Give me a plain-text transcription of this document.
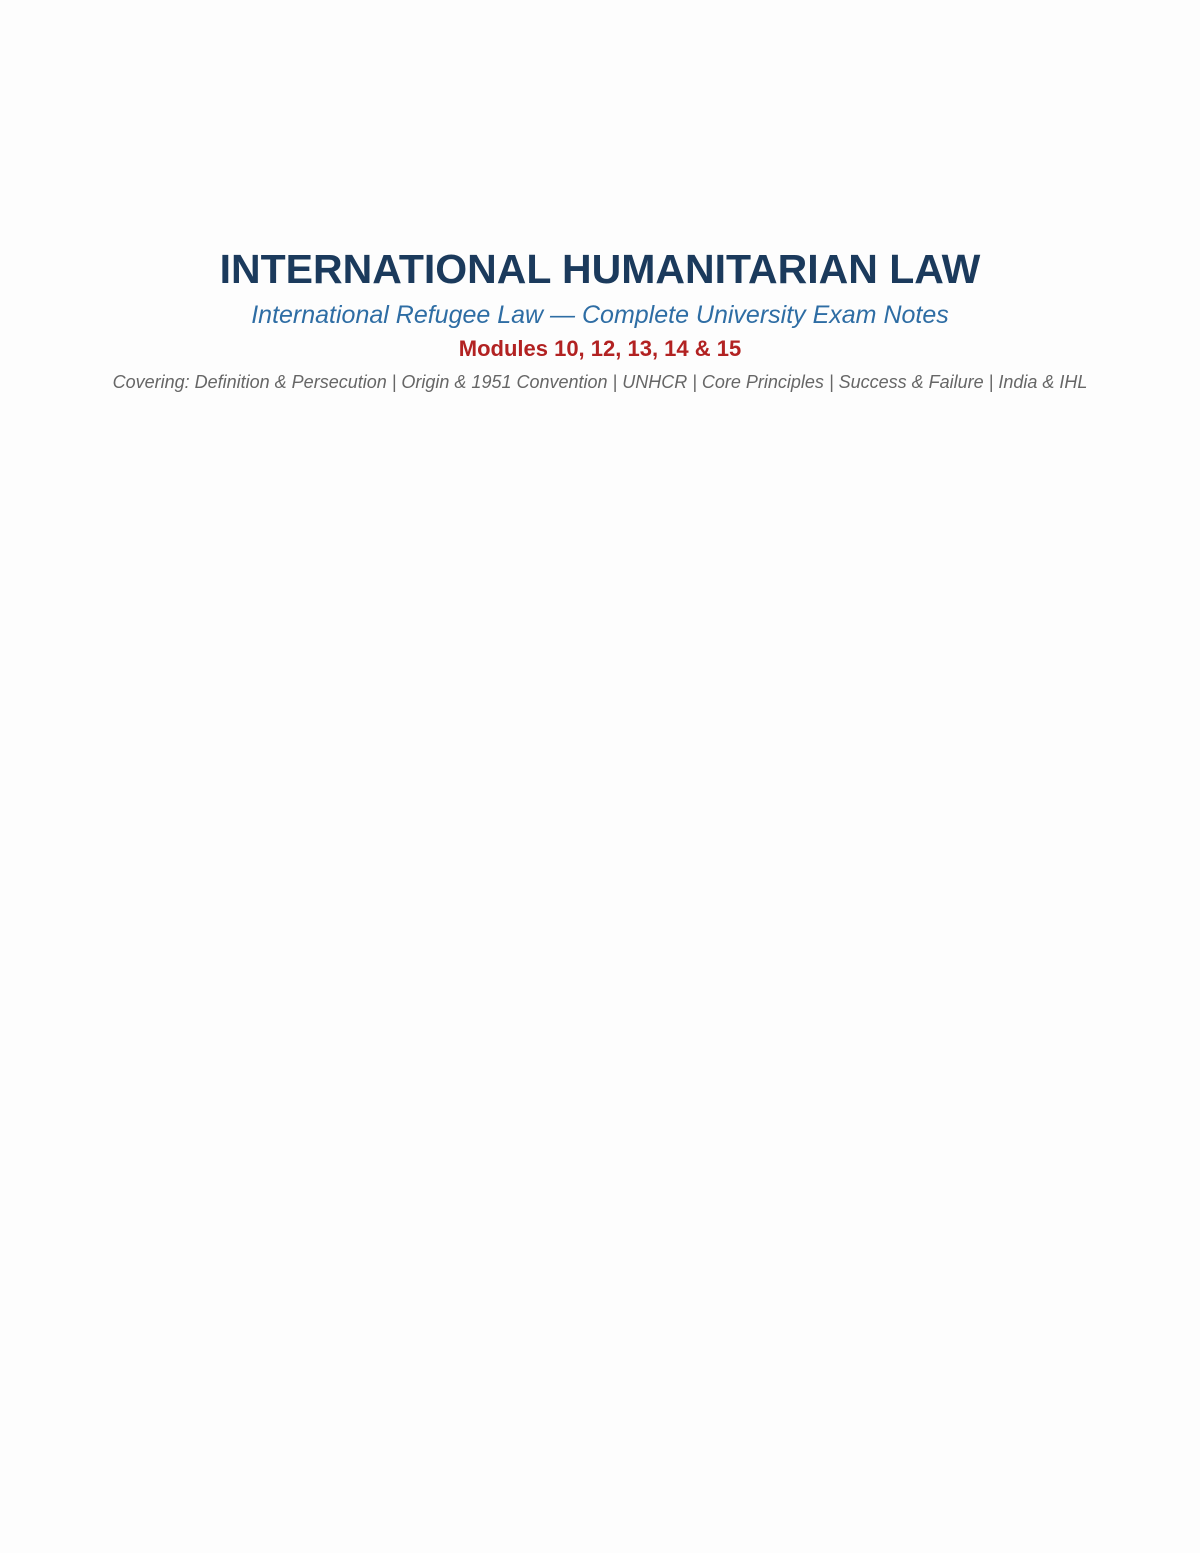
INTERNATIONAL HUMANITARIAN LAW

International Refugee Law — Complete University Exam Notes

Modules 10, 12, 13, 14 & 15

Covering: Definition & Persecution | Origin & 1951 Convention | UNHCR | Core Principles | Success & Failure | India & IHL
